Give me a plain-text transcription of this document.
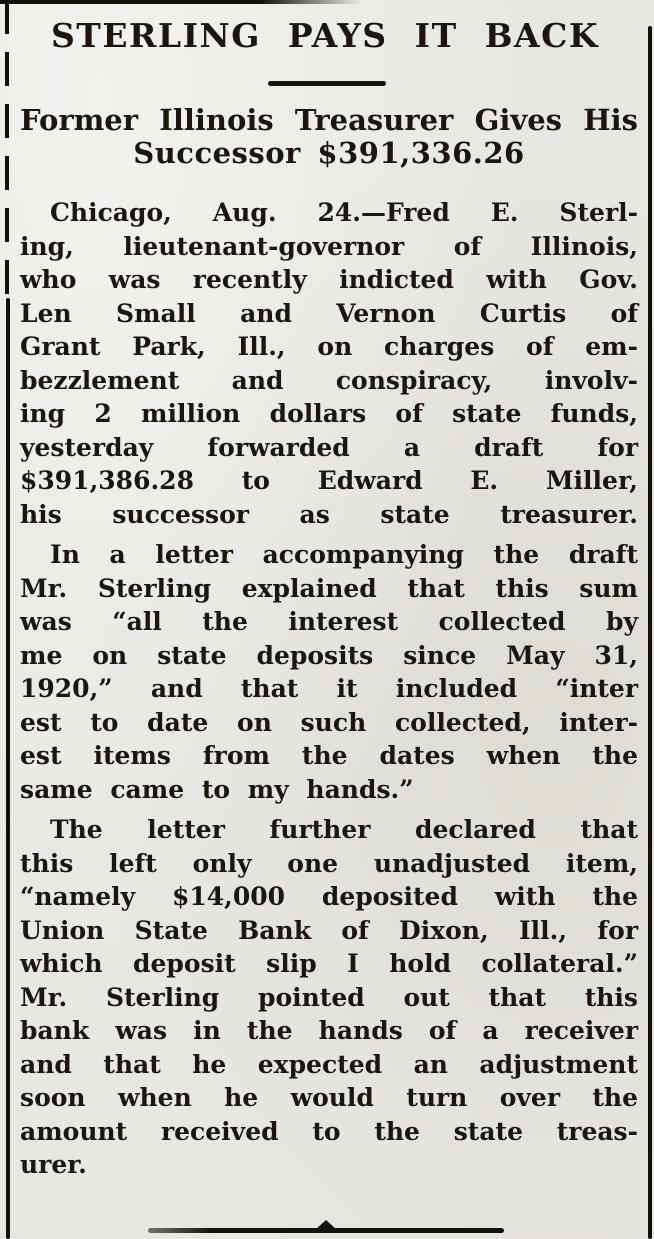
STERLING PAYS IT BACK
Former Illinois Treasurer Gives His
Successor $391,336.26
Chicago, Aug. 24.—Fred E. Sterl-
ing, lieutenant-governor of Illinois,
who was recently indicted with Gov.
Len Small and Vernon Curtis of
Grant Park, Ill., on charges of em-
bezzlement and conspiracy, involv-
ing 2 million dollars of state funds,
yesterday forwarded a draft for
$391,386.28 to Edward E. Miller,
his successor as state treasurer.
In a letter accompanying the draft
Mr. Sterling explained that this sum
was “all the interest collected by
me on state deposits since May 31,
1920,” and that it included “inter
est to date on such collected, inter-
est items from the dates when the
same came to my hands.”
The letter further declared that
this left only one unadjusted item,
“namely $14,000 deposited with the
Union State Bank of Dixon, Ill., for
which deposit slip I hold collateral.”
Mr. Sterling pointed out that this
bank was in the hands of a receiver
and that he expected an adjustment
soon when he would turn over the
amount received to the state treas-
urer.
